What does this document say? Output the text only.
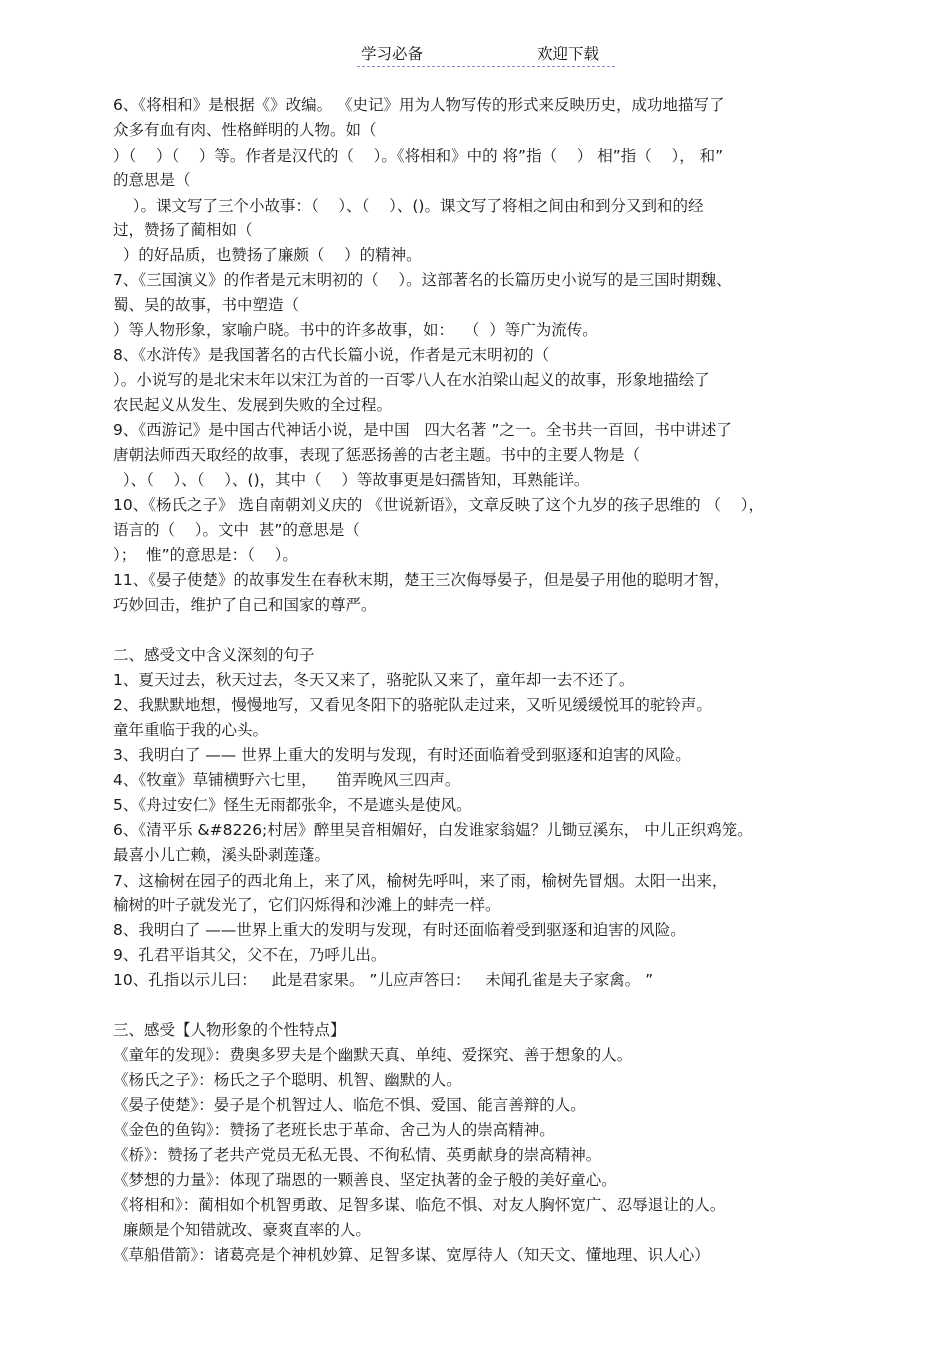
学习必备	欢迎下载
6、《将相和》是根据《》改编。 《史记》用为人物写传的形式来反映历史，成功地描写了
众多有血有肉、性格鲜明的人物。如（
）（    ）（    ）等。作者是汉代的（    ）。《将相和》中的 将”指（    ） 相”指（    ）， 和”
的意思是（
）。课文写了三个小故事：（    ）、（    ）、()。课文写了将相之间由和到分又到和的经
过，赞扬了蔺相如（
）的好品质，也赞扬了廉颇（    ）的精神。
7、《三国演义》的作者是元末明初的（    ）。这部著名的长篇历史小说写的是三国时期魏、
蜀、吴的故事，书中塑造（
）等人物形象，家喻户晓。书中的许多故事，如：  （  ）等广为流传。
8、《水浒传》是我国著名的古代长篇小说，作者是元末明初的（
）。小说写的是北宋末年以宋江为首的一百零八人在水泊梁山起义的故事，形象地描绘了
农民起义从发生、发展到失败的全过程。
9、《西游记》是中国古代神话小说，是中国   四大名著 ”之一。全书共一百回，书中讲述了
唐朝法师西天取经的故事，表现了惩恶扬善的古老主题。书中的主要人物是（
）、（    ）、（    ）、()，其中（    ）等故事更是妇孺皆知，耳熟能详。
10、《杨氏之子》 选自南朝刘义庆的 《世说新语》，文章反映了这个九岁的孩子思维的 （    ），
语言的（    ）。文中  甚”的意思是（
）；  惟”的意思是：（    ）。
11、《晏子使楚》的故事发生在春秋末期，楚王三次侮辱晏子，但是晏子用他的聪明才智，
巧妙回击，维护了自己和国家的尊严。
二、感受文中含义深刻的句子
1、夏天过去，秋天过去，冬天又来了，骆驼队又来了，童年却一去不还了。
2、我默默地想，慢慢地写，又看见冬阳下的骆驼队走过来，又听见缓缓悦耳的驼铃声。
童年重临于我的心头。
3、我明白了 —— 世界上重大的发明与发现，有时还面临着受到驱逐和迫害的风险。
4、《牧童》草铺横野六七里，    笛弄晚风三四声。
5、《舟过安仁》怪生无雨都张伞，不是遮头是使风。
6、《清平乐 &#8226;村居》醉里吴音相媚好，白发谁家翁媪？儿锄豆溪东， 中儿正织鸡笼。
最喜小儿亡赖，溪头卧剥莲蓬。
7、这榆树在园子的西北角上，来了风，榆树先呼叫，来了雨，榆树先冒烟。太阳一出来，
榆树的叶子就发光了，它们闪烁得和沙滩上的蚌壳一样。
8、我明白了 ——世界上重大的发明与发现，有时还面临着受到驱逐和迫害的风险。
9、孔君平诣其父，父不在，乃呼儿出。
10、孔指以示儿曰：   此是君家果。 ”儿应声答曰：   未闻孔雀是夫子家禽。 ”
三、感受【人物形象的个性特点】
《童年的发现》：费奥多罗夫是个幽默天真、单纯、爱探究、善于想象的人。
《杨氏之子》：杨氏之子个聪明、机智、幽默的人。
《晏子使楚》：晏子是个机智过人、临危不惧、爱国、能言善辩的人。
《金色的鱼钩》：赞扬了老班长忠于革命、舍己为人的崇高精神。
《桥》：赞扬了老共产党员无私无畏、不徇私情、英勇献身的崇高精神。
《梦想的力量》：体现了瑞恩的一颗善良、坚定执著的金子般的美好童心。
《将相和》：蔺相如个机智勇敢、足智多谋、临危不惧、对友人胸怀宽广、忍辱退让的人。
廉颇是个知错就改、豪爽直率的人。
《草船借箭》：诸葛亮是个神机妙算、足智多谋、宽厚待人（知天文、懂地理、识人心）
